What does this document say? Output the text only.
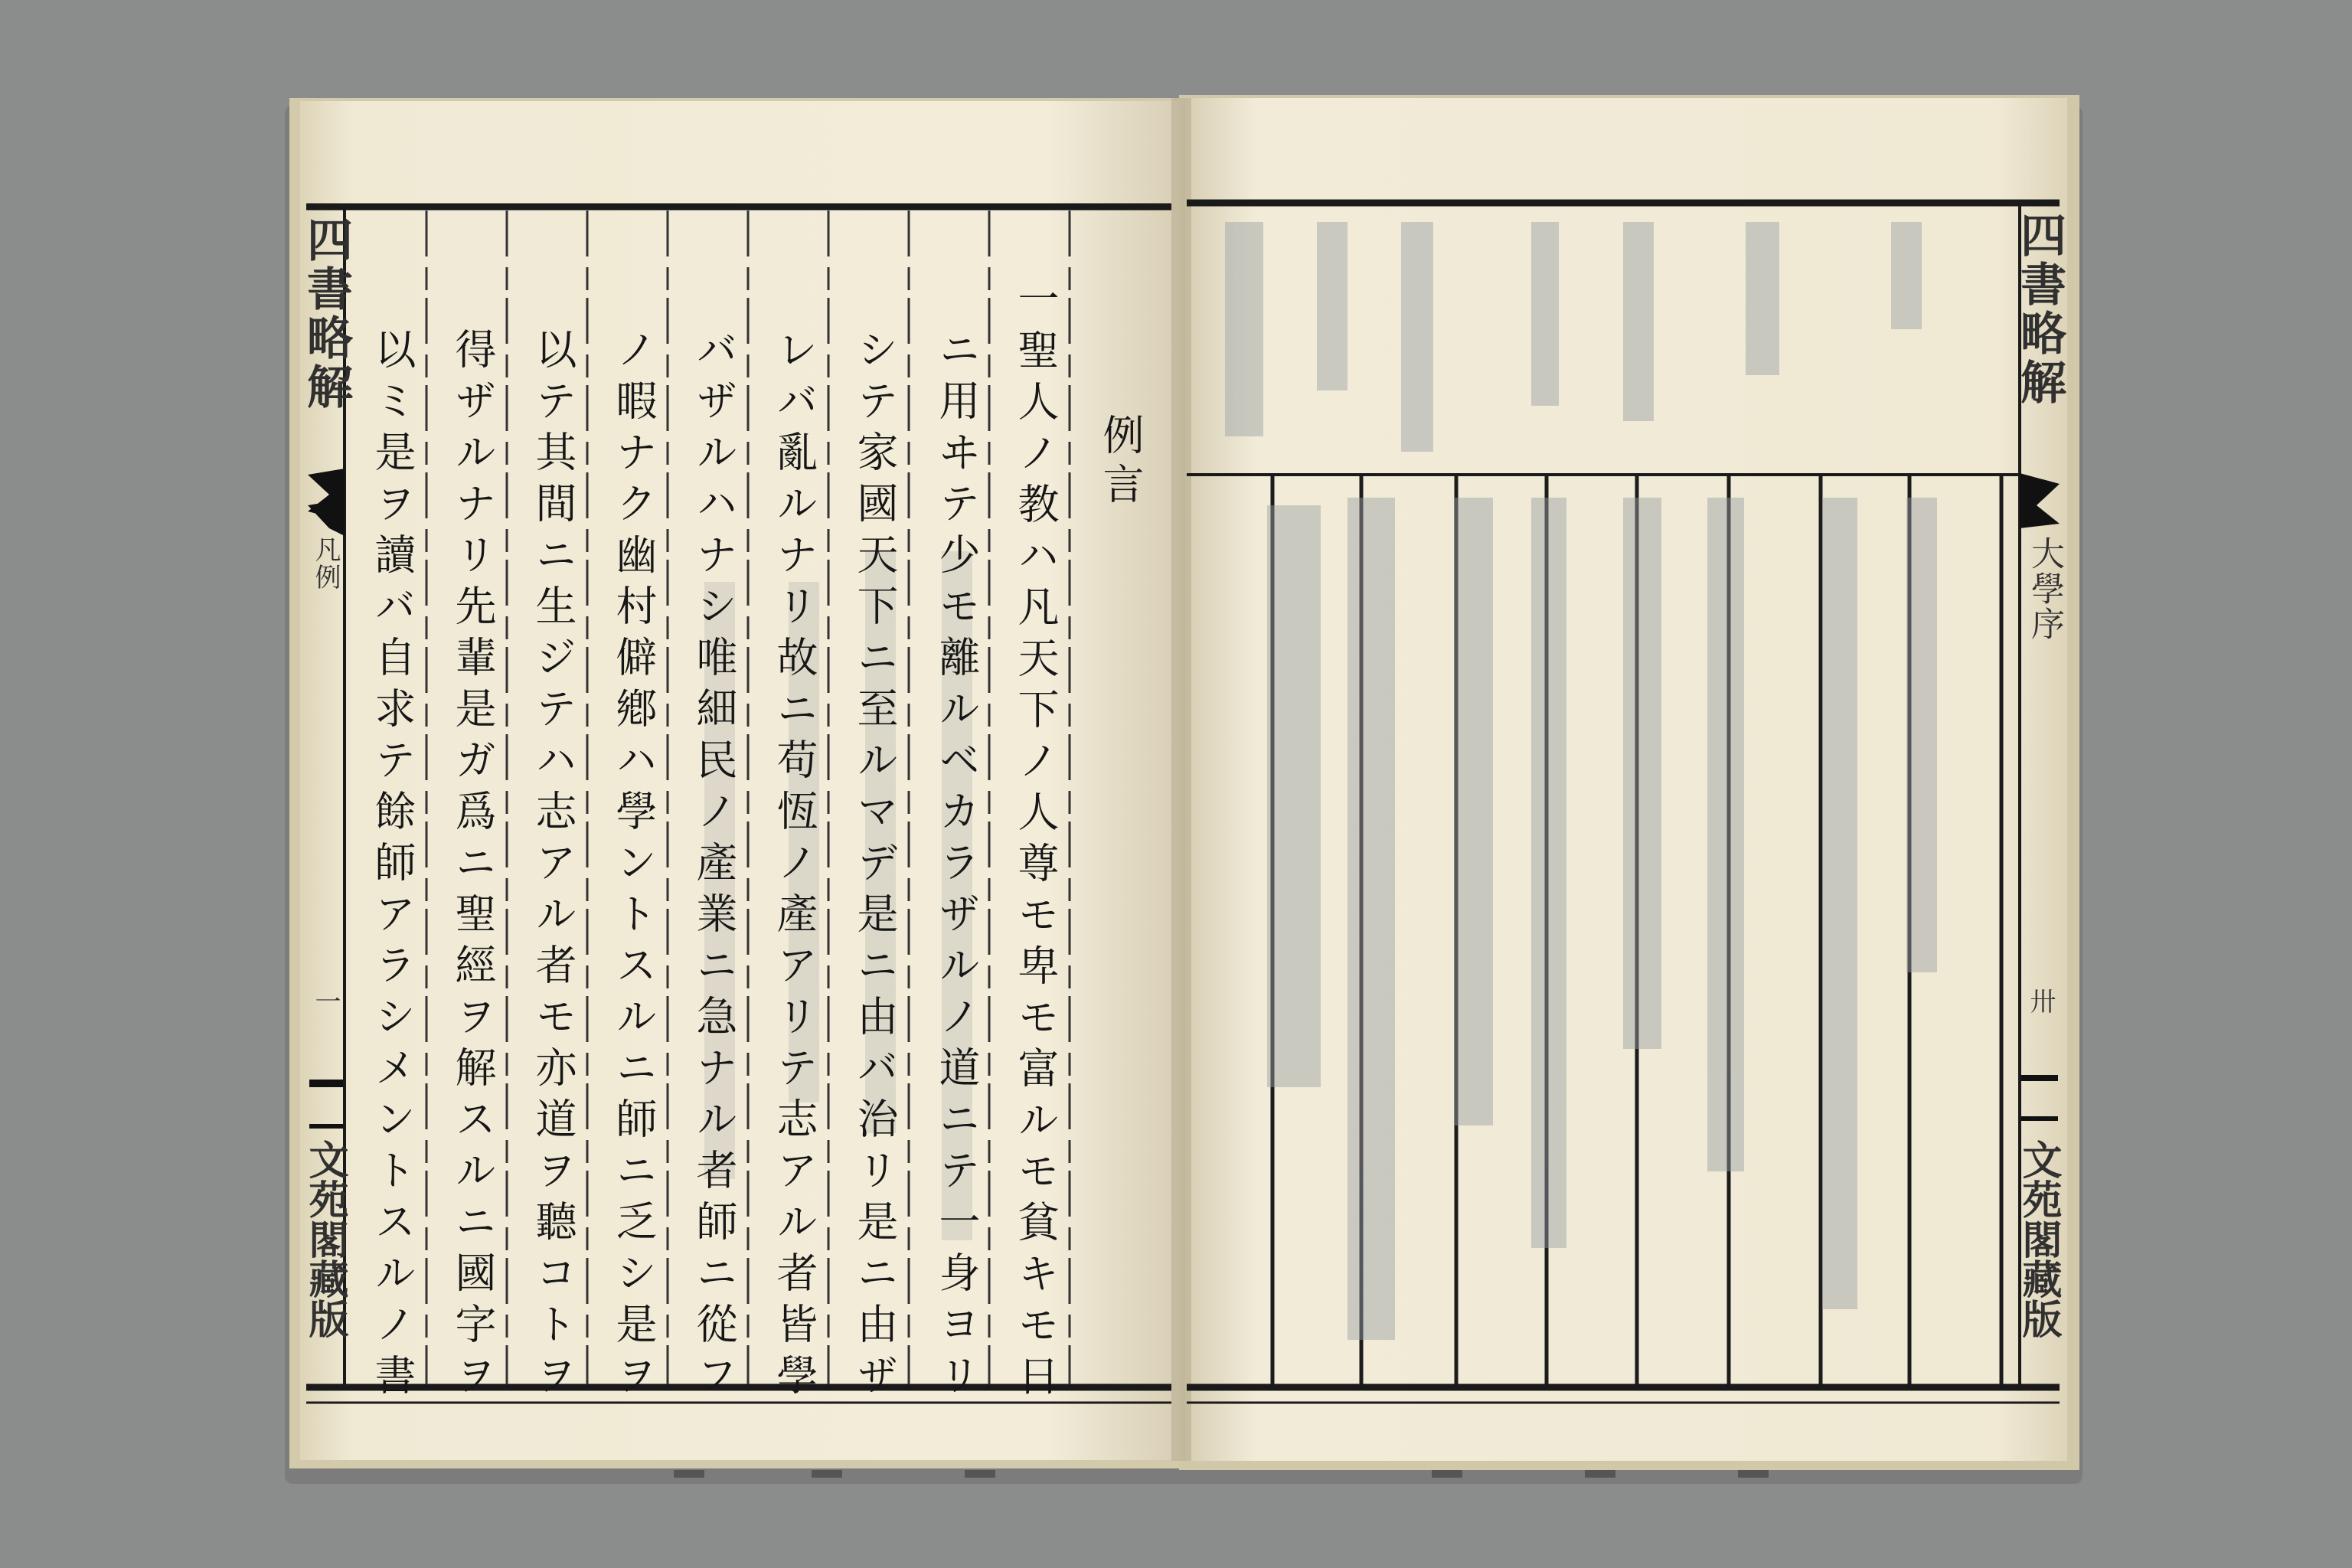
例言
一聖人ノ教ハ凡天下ノ人尊モ卑モ富ルモ貧キモ日
ニ用ヰテ少モ離ルベカラザルノ道ニテ一身ヨリ
シテ家國天下ニ至ルマデ是ニ由バ治リ是ニ由ザ
レバ亂ルナリ故ニ苟恆ノ產アリテ志アル者皆學
バザルハナシ唯細民ノ產業ニ急ナル者師ニ從フ
ノ暇ナク幽村僻鄕ハ學ントスルニ師ニ乏シ是ヲ
以テ其間ニ生ジテハ志アル者モ亦道ヲ聽コトヲ
得ザルナリ先輩是ガ爲ニ聖經ヲ解スルニ國字ヲ
以ミ是ヲ讀バ自求テ餘師アラシメントスルノ書
四書略解
凡例
一
文苑閣藏版
四書略解
大學序
卅
文苑閣藏版
